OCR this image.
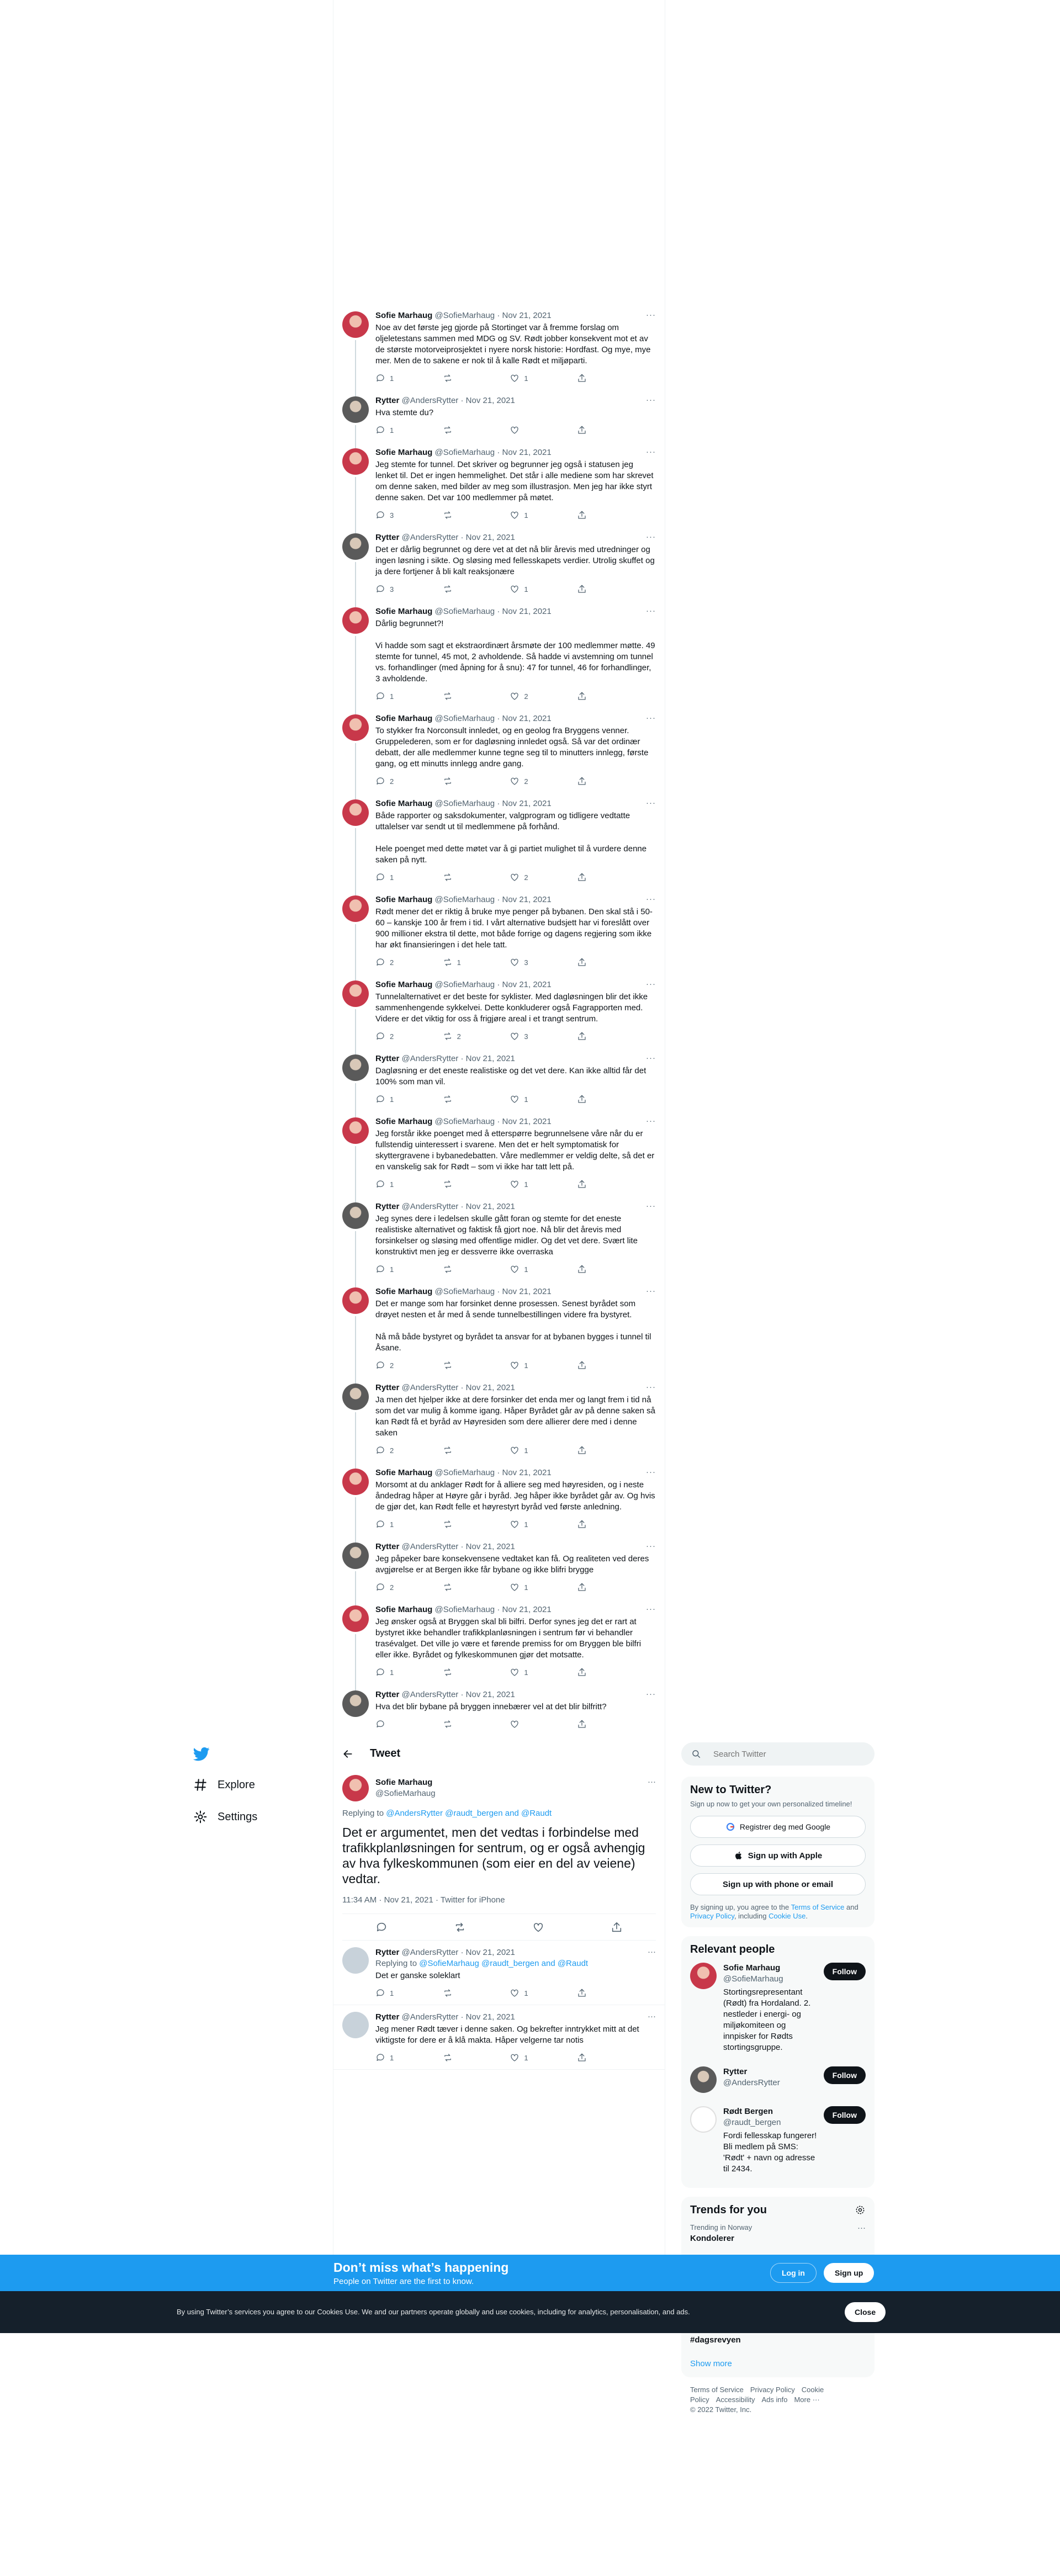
···
Sofie Marhaug @SofieMarhaug · Nov 21, 2021
Noe av det første jeg gjorde på Stortinget var å fremme forslag om oljeletestans sammen med MDG og SV. Rødt jobber konsekvent mot et av de største motorveiprosjektet i nyere norsk historie: Hordfast. Og mye, mye mer. Men de to sakene er nok til å kalle Rødt et miljøparti.
1	1
···
Rytter @AndersRytter · Nov 21, 2021
Hva stemte du?
1
···
Sofie Marhaug @SofieMarhaug · Nov 21, 2021
Jeg stemte for tunnel. Det skriver og begrunner jeg også i statusen jeg lenket til. Det er ingen hemmelighet. Det står i alle mediene som har skrevet om denne saken, med bilder av meg som illustrasjon. Men jeg har ikke styrt denne saken. Det var 100 medlemmer på møtet.
3	1
···
Rytter @AndersRytter · Nov 21, 2021
Det er dårlig begrunnet og dere vet at det nå blir årevis med utredninger og ingen løsning i sikte. Og sløsing med fellesskapets verdier. Utrolig skuffet og ja dere fortjener å bli kalt reaksjonære
3	1
···
Sofie Marhaug @SofieMarhaug · Nov 21, 2021
Dårlig begrunnet?!

Vi hadde som sagt et ekstraordinært årsmøte der 100 medlemmer møtte. 49 stemte for tunnel, 45 mot, 2 avholdende. Så hadde vi avstemning om tunnel vs. forhandlinger (med åpning for å snu): 47 for tunnel, 46 for forhandlinger, 3 avholdende.
1	2
···
Sofie Marhaug @SofieMarhaug · Nov 21, 2021
To stykker fra Norconsult innledet, og en geolog fra Bryggens venner. Gruppelederen, som er for dagløsning innledet også. Så var det ordinær debatt, der alle medlemmer kunne tegne seg til to minutters innlegg, første gang, og ett minutts innlegg andre gang.
2	2
···
Sofie Marhaug @SofieMarhaug · Nov 21, 2021
Både rapporter og saksdokumenter, valgprogram og tidligere vedtatte uttalelser var sendt ut til medlemmene på forhånd.

Hele poenget med dette møtet var å gi partiet mulighet til å vurdere denne saken på nytt.
1	2
···
Sofie Marhaug @SofieMarhaug · Nov 21, 2021
Rødt mener det er riktig å bruke mye penger på bybanen. Den skal stå i 50-60 – kanskje 100 år frem i tid. I vårt alternative budsjett har vi foreslått over 900 millioner ekstra til dette, mot både forrige og dagens regjering som ikke har økt finansieringen i det hele tatt.
2	1	3
···
Sofie Marhaug @SofieMarhaug · Nov 21, 2021
Tunnelalternativet er det beste for syklister. Med dagløsningen blir det ikke sammenhengende sykkelvei. Dette konkluderer også Fagrapporten med. Videre er det viktig for oss å frigjøre areal i et trangt sentrum.
2	2	3
···
Rytter @AndersRytter · Nov 21, 2021
Dagløsning er det eneste realistiske og det vet dere. Kan ikke alltid får det 100% som man vil.
1	1
···
Sofie Marhaug @SofieMarhaug · Nov 21, 2021
Jeg forstår ikke poenget med å etterspørre begrunnelsene våre når du er fullstendig uinteressert i svarene. Men det er helt symptomatisk for skyttergravene i bybanedebatten. Våre medlemmer er veldig delte, så det er en vanskelig sak for Rødt – som vi ikke har tatt lett på.
1	1
···
Rytter @AndersRytter · Nov 21, 2021
Jeg synes dere i ledelsen skulle gått foran og stemte for det eneste realistiske alternativet og faktisk få gjort noe. Nå blir det årevis med forsinkelser og sløsing med offentlige midler. Og det vet dere. Svært lite konstruktivt men jeg er dessverre ikke overraska
1	1
···
Sofie Marhaug @SofieMarhaug · Nov 21, 2021
Det er mange som har forsinket denne prosessen. Senest byrådet som drøyet nesten et år med å sende tunnelbestillingen videre fra bystyret.

Nå må både bystyret og byrådet ta ansvar for at bybanen bygges i tunnel til Åsane.
2	1
···
Rytter @AndersRytter · Nov 21, 2021
Ja men det hjelper ikke at dere forsinker det enda mer og langt frem i tid nå som det var mulig å komme igang. Håper Byrådet går av på denne saken så kan Rødt få et byråd av Høyresiden som dere allierer dere med i denne saken
2	1
···
Sofie Marhaug @SofieMarhaug · Nov 21, 2021
Morsomt at du anklager Rødt for å alliere seg med høyresiden, og i neste åndedrag håper at Høyre går i byråd. Jeg håper ikke byrådet går av. Og hvis de gjør det, kan Rødt felle et høyrestyrt byråd ved første anledning.
1	1
···
Rytter @AndersRytter · Nov 21, 2021
Jeg påpeker bare konsekvensene vedtaket kan få. Og realiteten ved deres avgjørelse er at Bergen ikke får bybane og ikke blifri brygge
2	1
···
Sofie Marhaug @SofieMarhaug · Nov 21, 2021
Jeg ønsker også at Bryggen skal bli bilfri. Derfor synes jeg det er rart at bystyret ikke behandler trafikkplanløsningen i sentrum før vi behandler trasévalget. Det ville jo være et førende premiss for om Bryggen ble bilfri eller ikke. Byrådet og fylkeskommunen gjør det motsatte.
1	1
···
Rytter @AndersRytter · Nov 21, 2021
Hva det blir bybane på bryggen innebærer vel at det blir bilfritt?
Explore
Settings
Tweet
Sofie Marhaug
@SofieMarhaug
···
Replying to @AndersRytter @raudt_bergen and @Raudt
Det er argumentet, men det vedtas i forbindelse med trafikkplanløsningen for sentrum, og er også avhengig av hva fylkeskommunen (som eier en del av veiene) vedtar.
11:34 AM · Nov 21, 2021 · Twitter for iPhone
···
Rytter @AndersRytter · Nov 21, 2021
Replying to @SofieMarhaug @raudt_bergen and @Raudt
Det er ganske soleklart
1	1
···
Rytter @AndersRytter · Nov 21, 2021
Jeg mener Rødt tæver i denne saken. Og bekrefter inntrykket mitt at det viktigste for dere er å klå makta. Håper velgerne tar notis
1	1
Search Twitter
New to Twitter?
Sign up now to get your own personalized timeline!
Registrer deg med Google
Sign up with Apple
Sign up with phone or email
By signing up, you agree to the Terms of Service and Privacy Policy, including Cookie Use.
Relevant people
Sofie Marhaug
@SofieMarhaug
Stortingsrepresentant (Rødt) fra Hordaland. 2. nestleder i energi- og miljøkomiteen og innpisker for Rødts stortingsgruppe.
Follow
Rytter
@AndersRytter
Follow
Rødt Bergen
@raudt_bergen
Fordi fellesskap fungerer! Bli medlem på SMS: 'Rødt' + navn og adresse til 2434.
Follow
Trends for you
Trending in Norway
Kondolerer
···
#dagsrevyen
Show more
Terms of Service Privacy Policy Cookie Policy Accessibility Ads info More ···
© 2022 Twitter, Inc.
Don’t miss what’s happening
People on Twitter are the first to know.
Log in	Sign up
By using Twitter’s services you agree to our Cookies Use. We and our partners operate globally and use cookies, including for analytics, personalisation, and ads.	Close
